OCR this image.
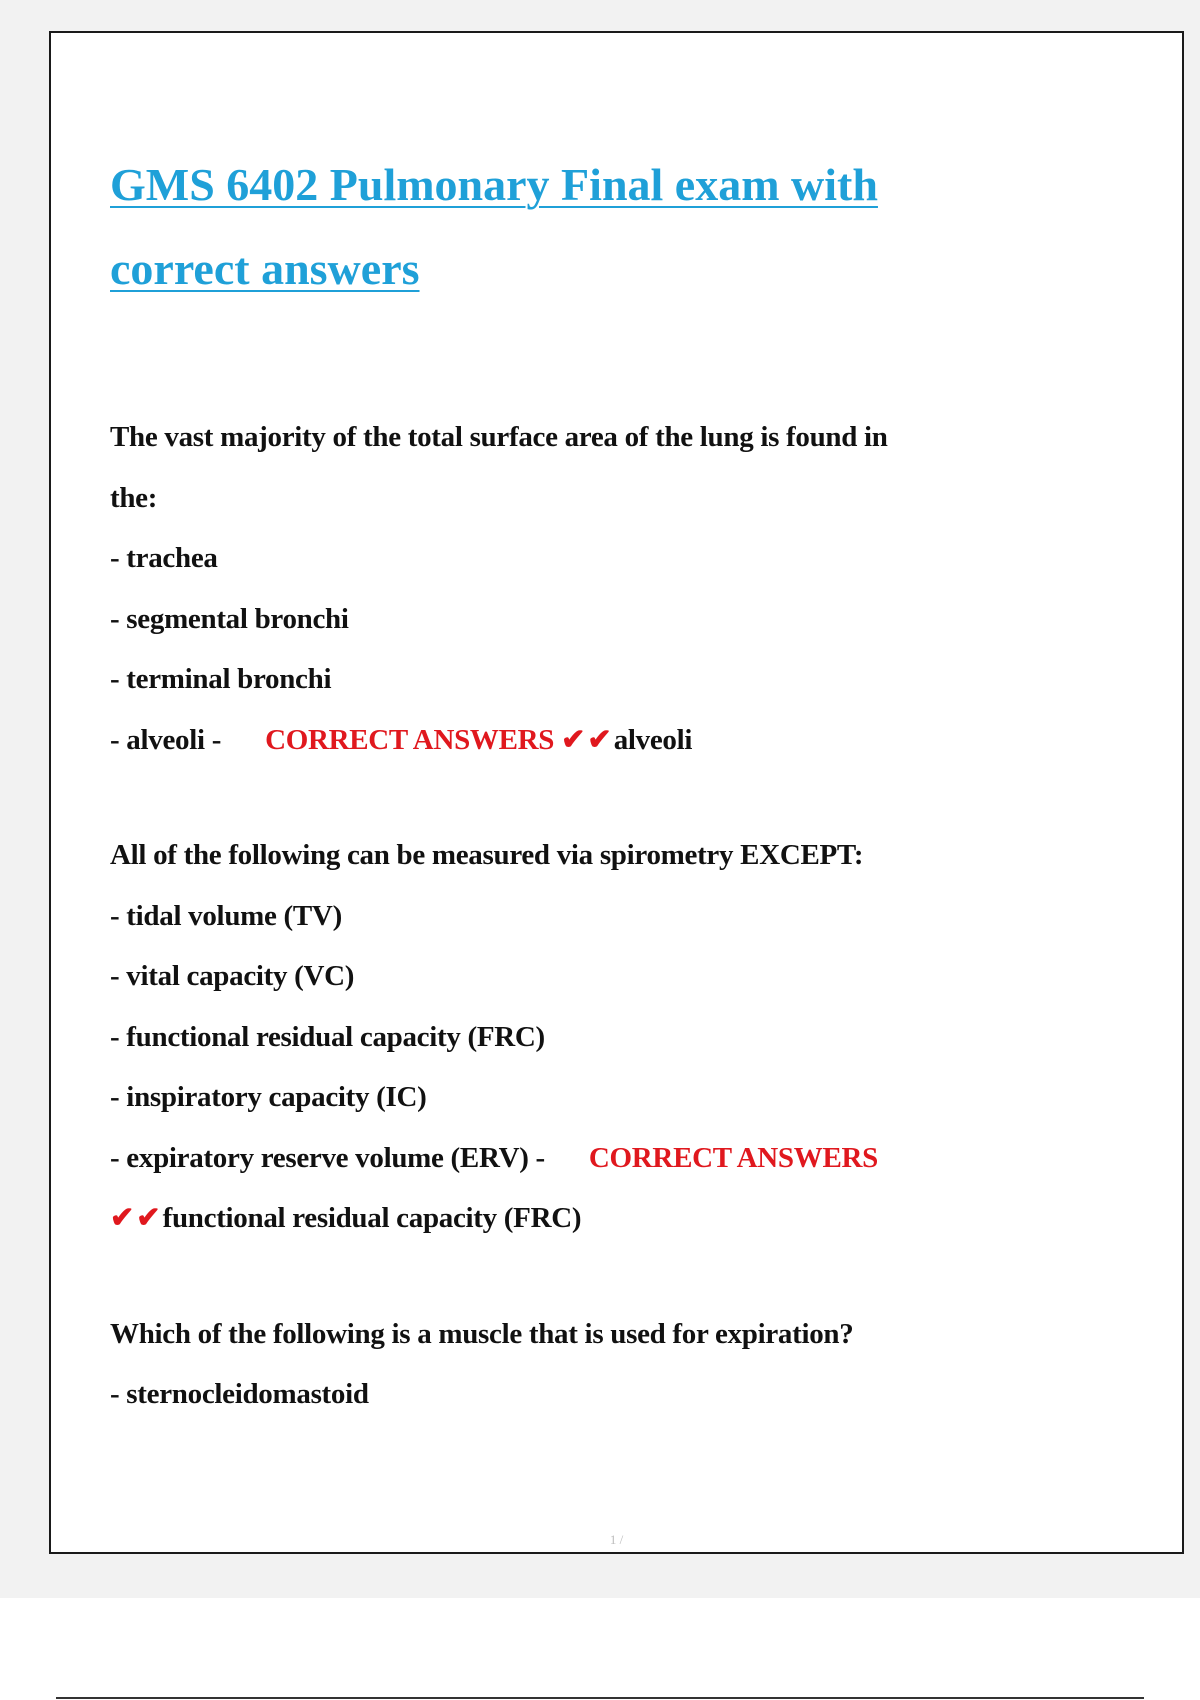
GMS 6402 Pulmonary Final exam with
correct answers
The vast majority of the total surface area of the lung is found in
the:
- trachea
- segmental bronchi
- terminal bronchi
- alveoli - CORRECT ANSWERS ✔✔alveoli
All of the following can be measured via spirometry EXCEPT:
- tidal volume (TV)
- vital capacity (VC)
- functional residual capacity (FRC)
- inspiratory capacity (IC)
- expiratory reserve volume (ERV) - CORRECT ANSWERS
✔✔functional residual capacity (FRC)
Which of the following is a muscle that is used for expiration?
- sternocleidomastoid
1 /
